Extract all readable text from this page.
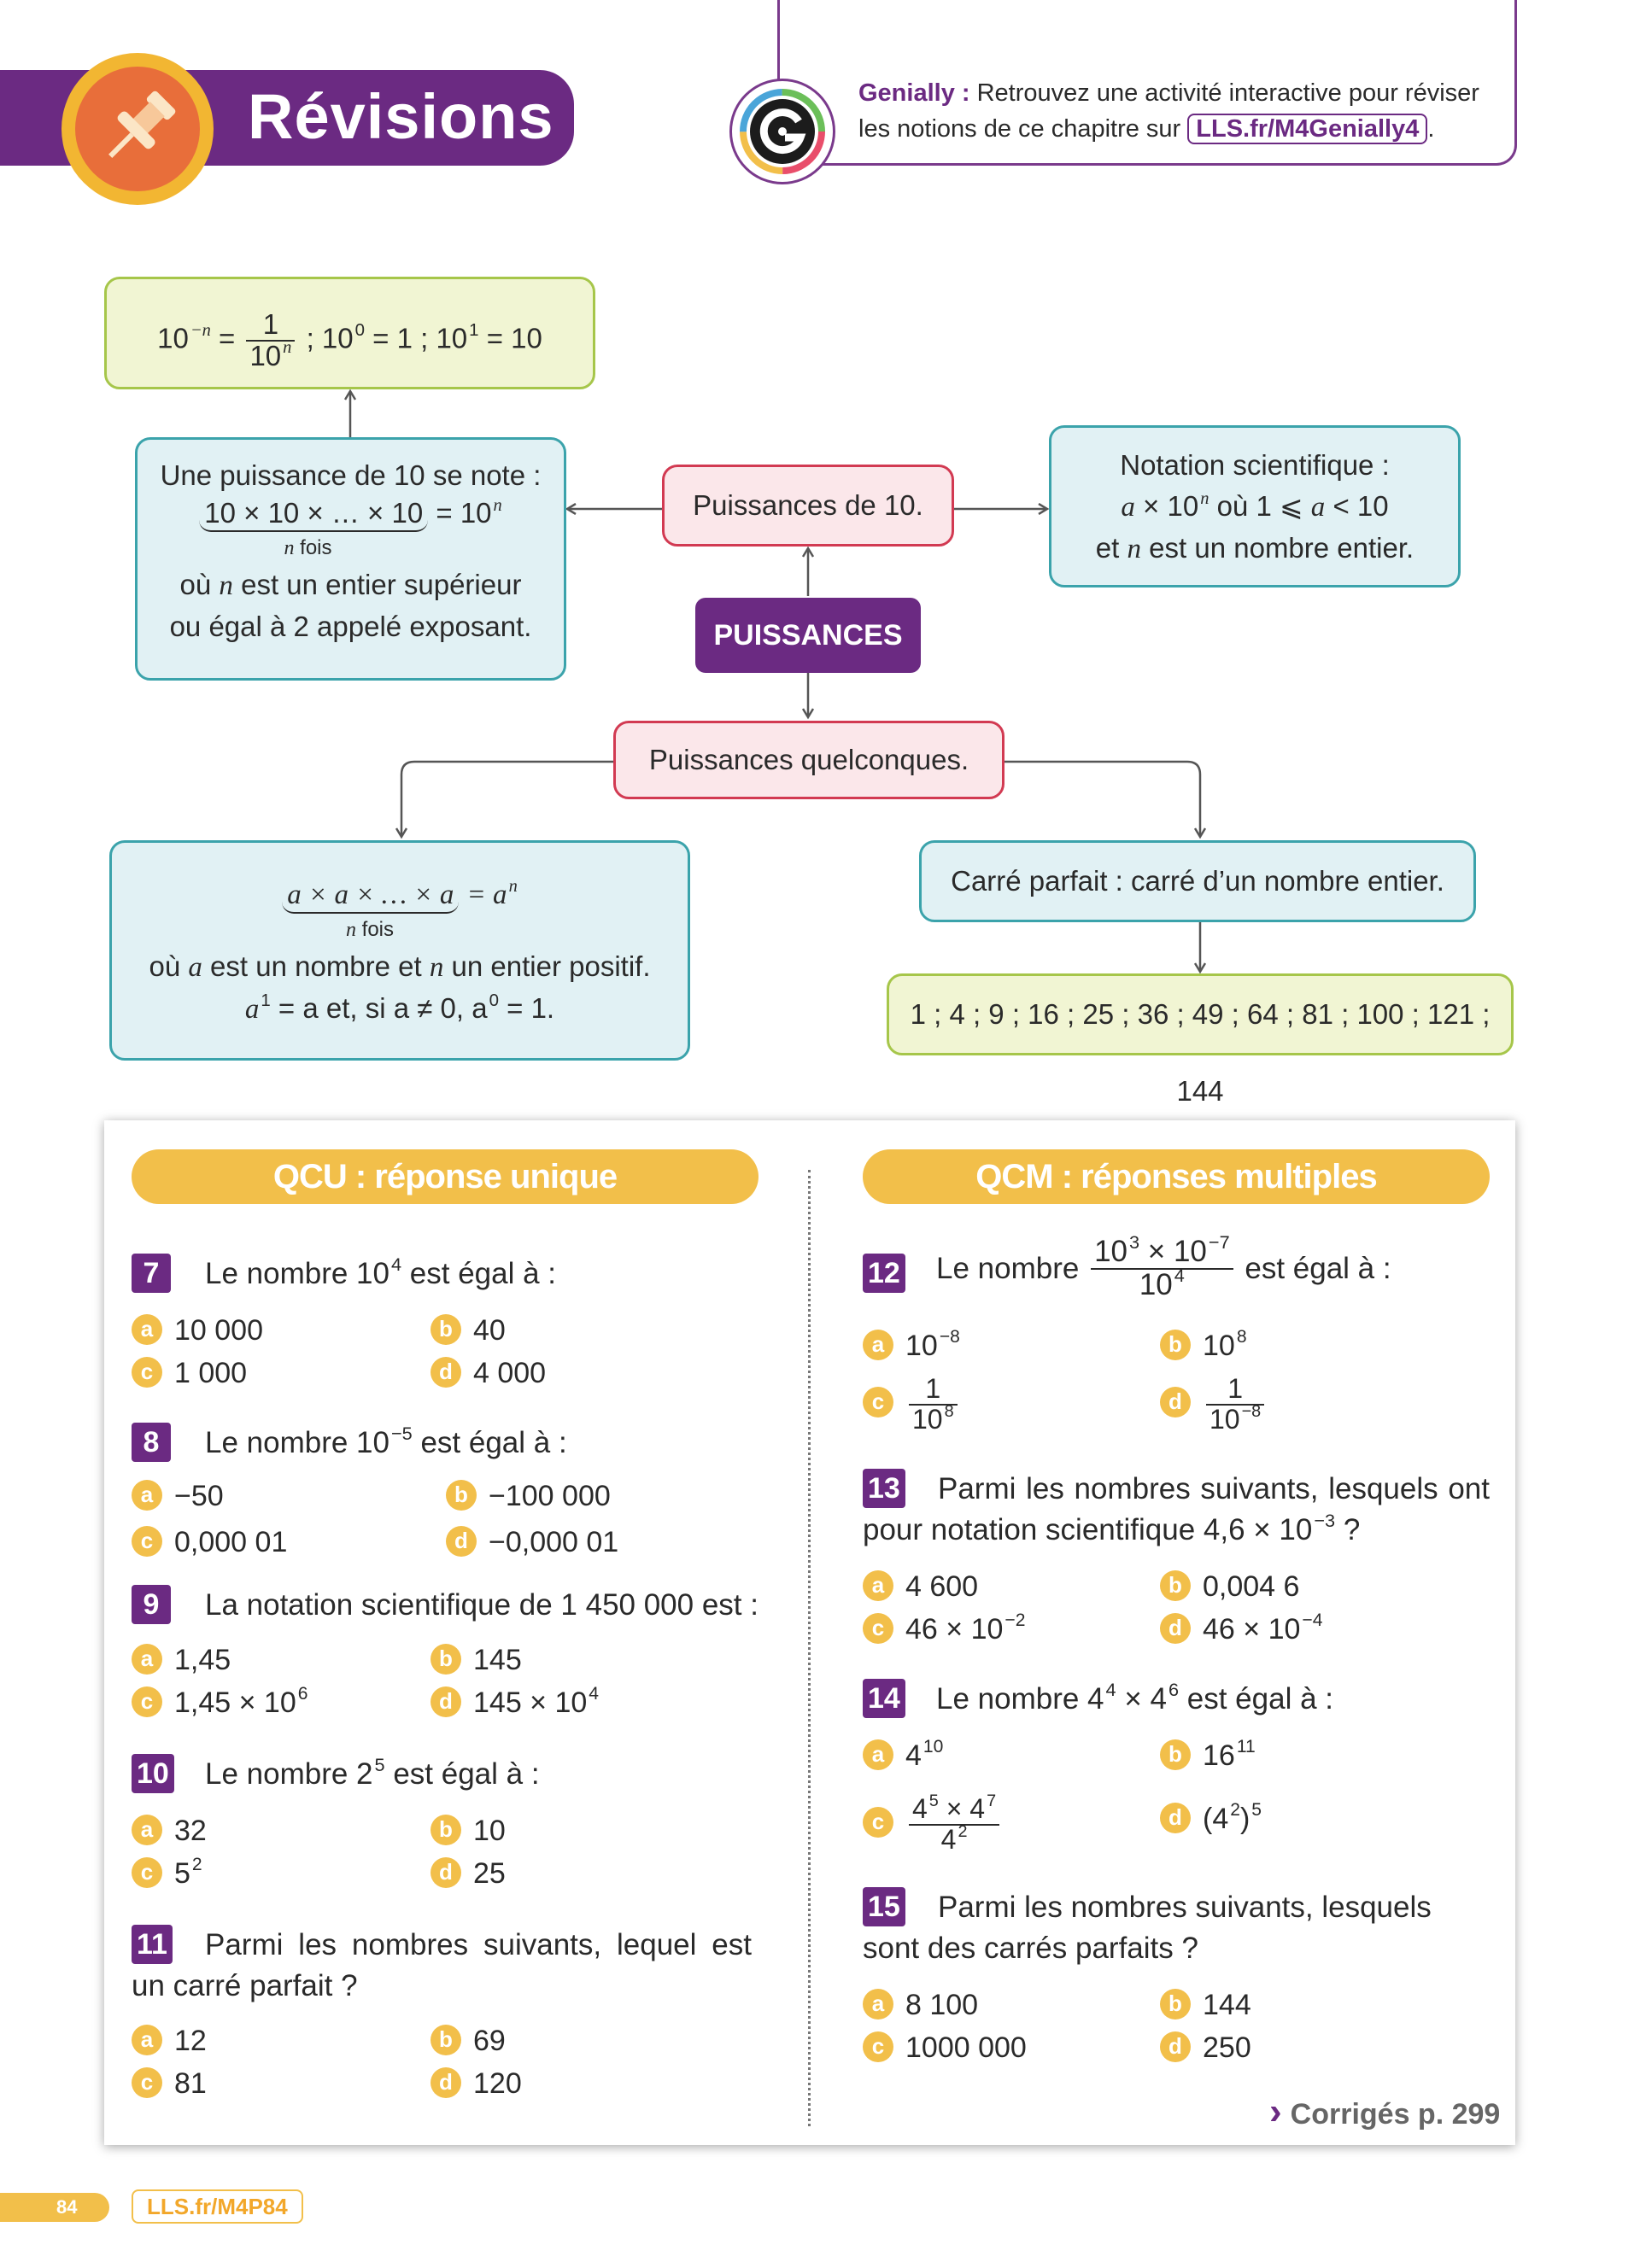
Révisions	Genially : Retrouvez une activité interactive pour réviser
les notions de ce chapitre sur LLS.fr/M4Genially4 .
$10^{-n} = \frac{1}{10^n}$ ; $10^0 = 1$ ; $10^1 = 10$
Une puissance de 10 se note :
10 × 10 × … × $10 = 10^n$
n fois
où n est un entier supérieur
ou égal à 2 appelé exposant.
Puissances de 10.
Notation scientifique :
$a \times 10^n$ où 1 ⩽ a < 10
et n est un nombre entier.
PUISSANCES
Puissances quelconques.
a × a × … × $a = a^n$
n fois
où a est un nombre et n un entier positif.
$a^1 = a$ et, si a ≠ 0, $a^0 = 1$.
Carré parfait : carré d’un nombre entier.
1 ; 4 ; 9 ; 16 ; 25 ; 36 ; 49 ; 64 ; 81 ; 100 ; 121 ; 144
QCU : réponse unique	QCM : réponses multiples
7	Le nombre $10^4$ est égal à :
a 10 000	b 40
c 1 000	d 4 000
8	Le nombre $10^{-5}$ est égal à :
a −50	b −100 000
c 0,000 01	d −0,000 01
9	La notation scientifique de 1 450 000 est :
a 1,45	b 145
c $1,45 \times 10^6$	d $145 \times 10^4$
10 Le nombre $2^5$ est égal à :
a 32	b 10
c $5^2$	d 25
11	Parmi les nombres suivants, lequel est un carré parfait ?
a 12	b 69
c 81	d 120
12 Le nombre $\frac{10^3 \times 10^{-7}}{10^4}$ est égal à :
a $10^{-8}$	b $10^8$
c $\frac{1}{10 ^8}$	d $\frac{1}{10 ^{-8}}$
13	Parmi les nombres suivants, lesquels ont pour notation scientifique $4,6 \times 10^{-3}$ ?
a 4 600	b 0,004 6
c $46 \times 10^{-2}$	d $46 \times 10^{-4}$
14 Le nombre $4^4 \times 4^6$ est égal à :
a $4^{10}$	b $16^{11}$
c $\frac{4 ^5 \times 4 ^7}{4 ^2}$	d $(4^2)^5$
15	Parmi les nombres suivants, lesquels sont des carrés parfaits ?
a 8 100	b 144
c 1000 000	d 250
› Corrigés p. 299
84	LLS.fr/M4P84
